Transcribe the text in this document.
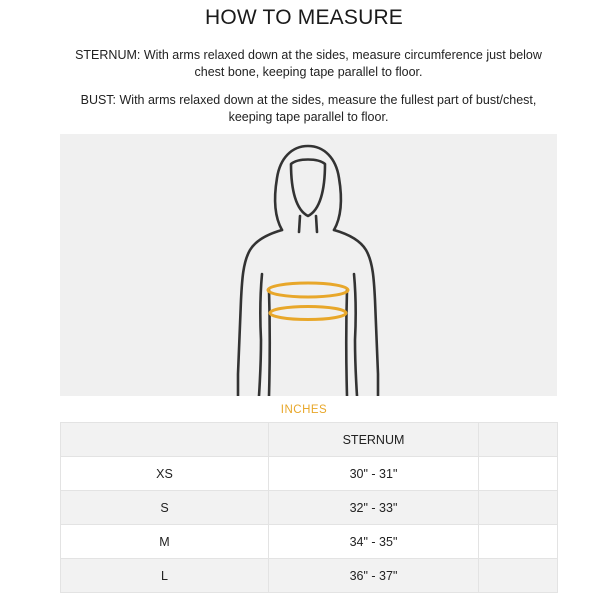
HOW TO MEASURE

STERNUM: With arms relaxed down at the sides, measure circumference just below
chest bone, keeping tape parallel to floor.

BUST: With arms relaxed down at the sides, measure the fullest part of bust/chest,
keeping tape parallel to floor.

INCHES
	STERNUM	
XS	30" - 31"	
S	32" - 33"	
M	34" - 35"	
L	36" - 37"	
